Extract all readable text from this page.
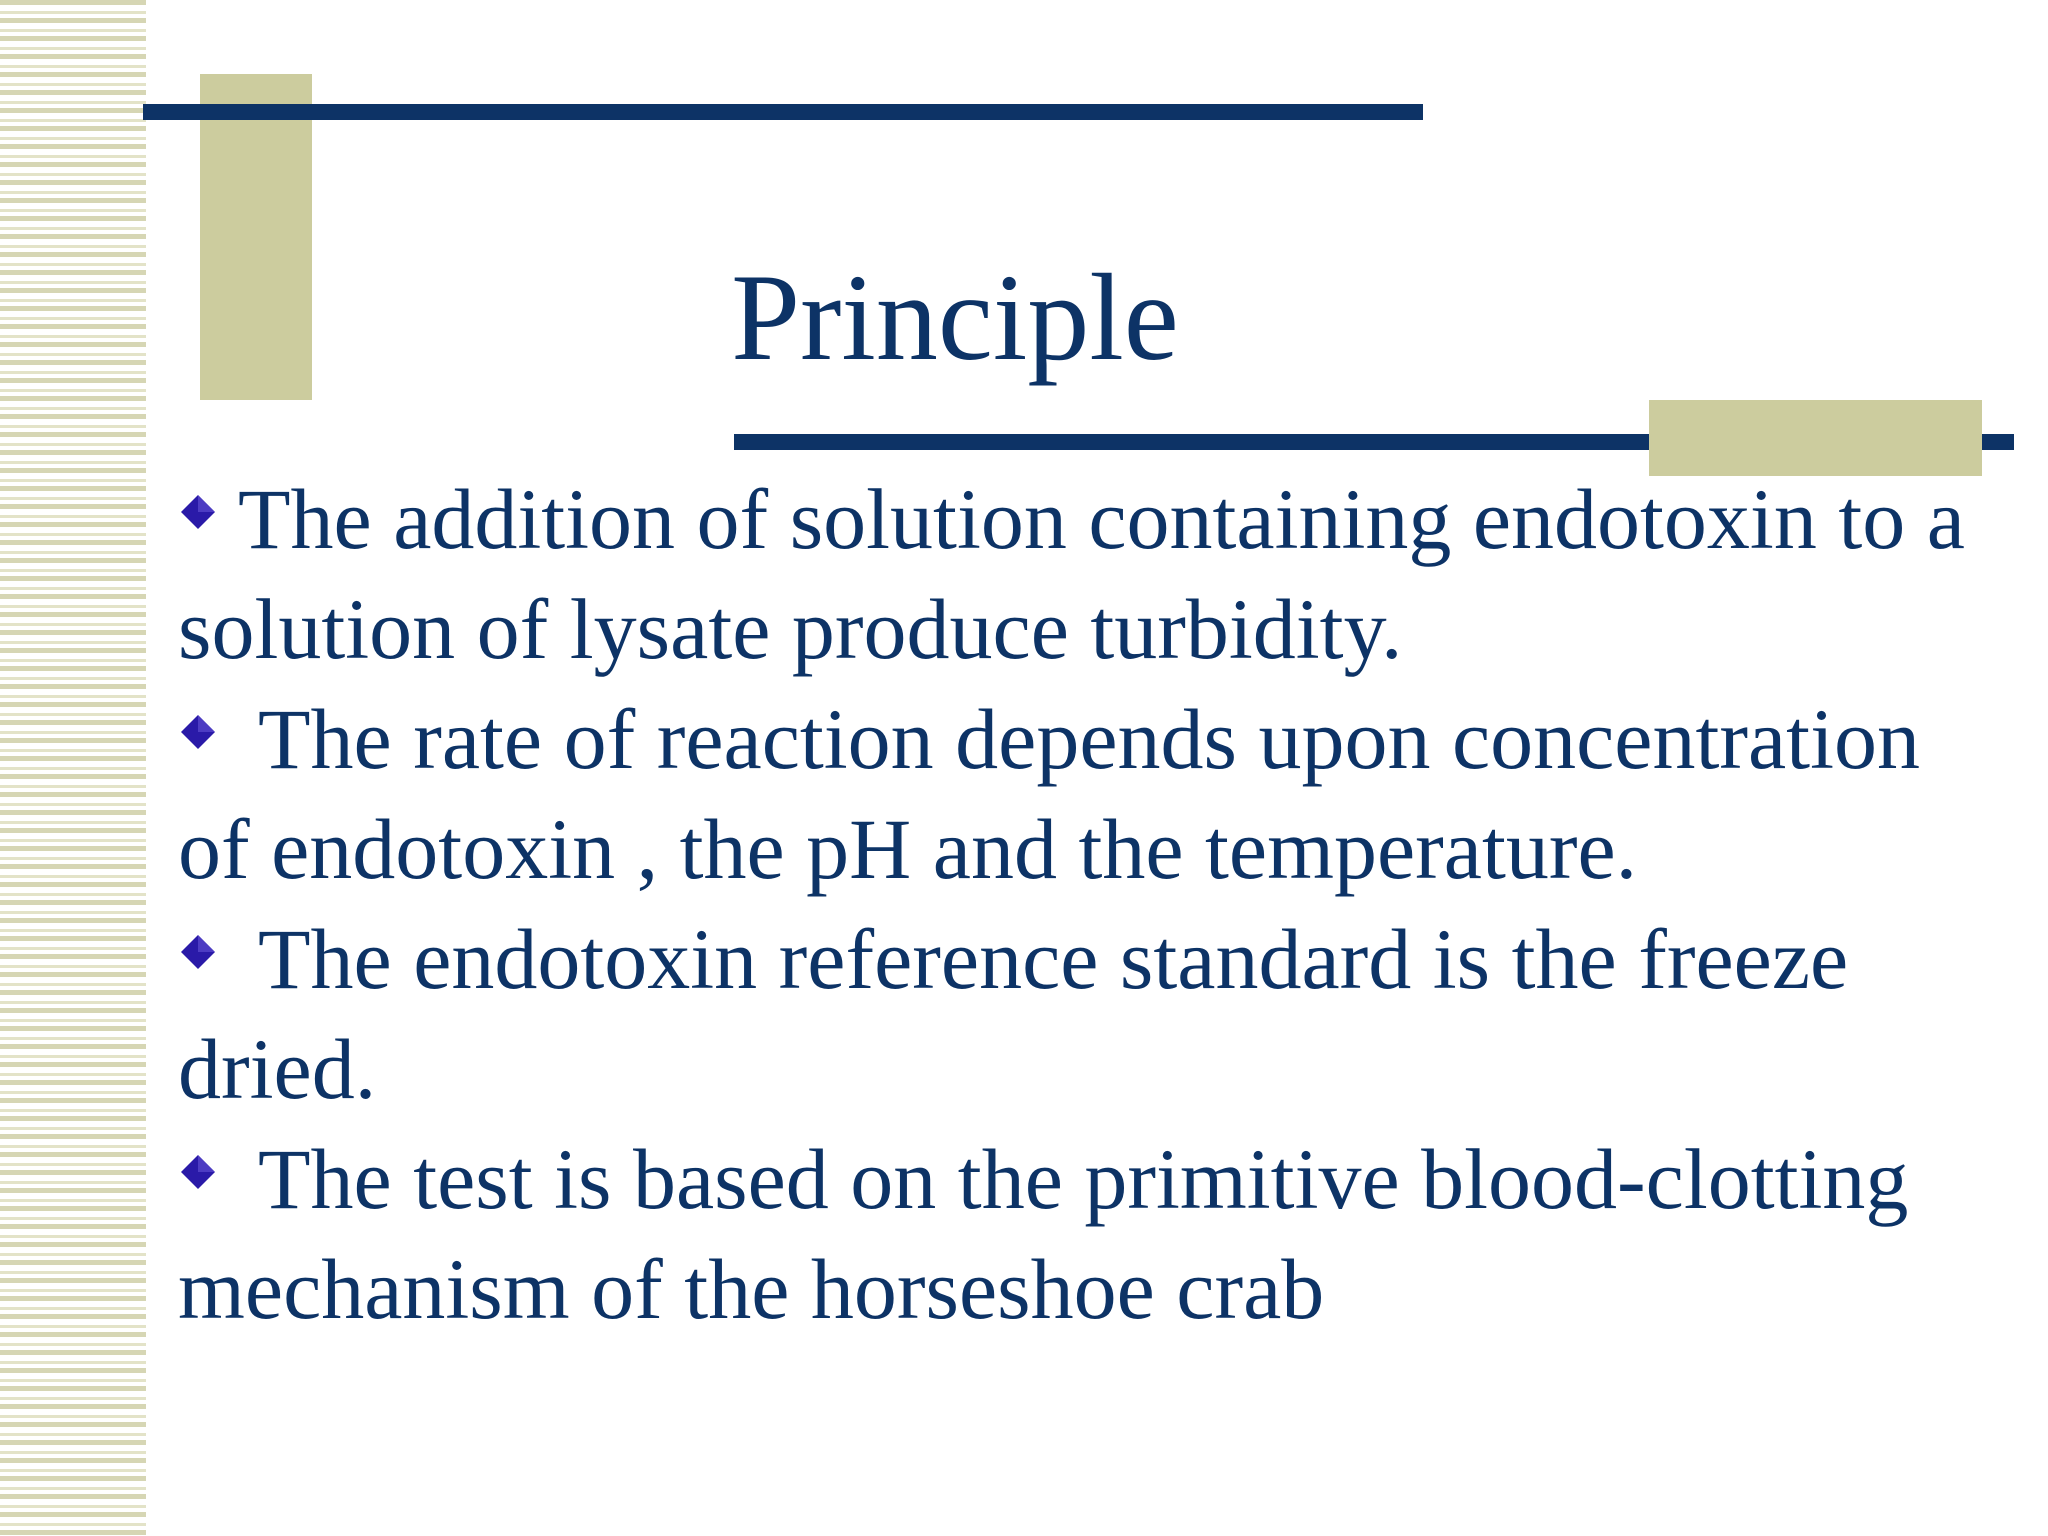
Principle

The addition of solution containing endotoxin to a solution of lysate produce turbidity.

The rate of reaction depends upon concentration of endotoxin , the pH and the temperature.

The endotoxin reference standard is the freeze dried.

The test is based on the primitive blood-clotting mechanism of the horseshoe crab
